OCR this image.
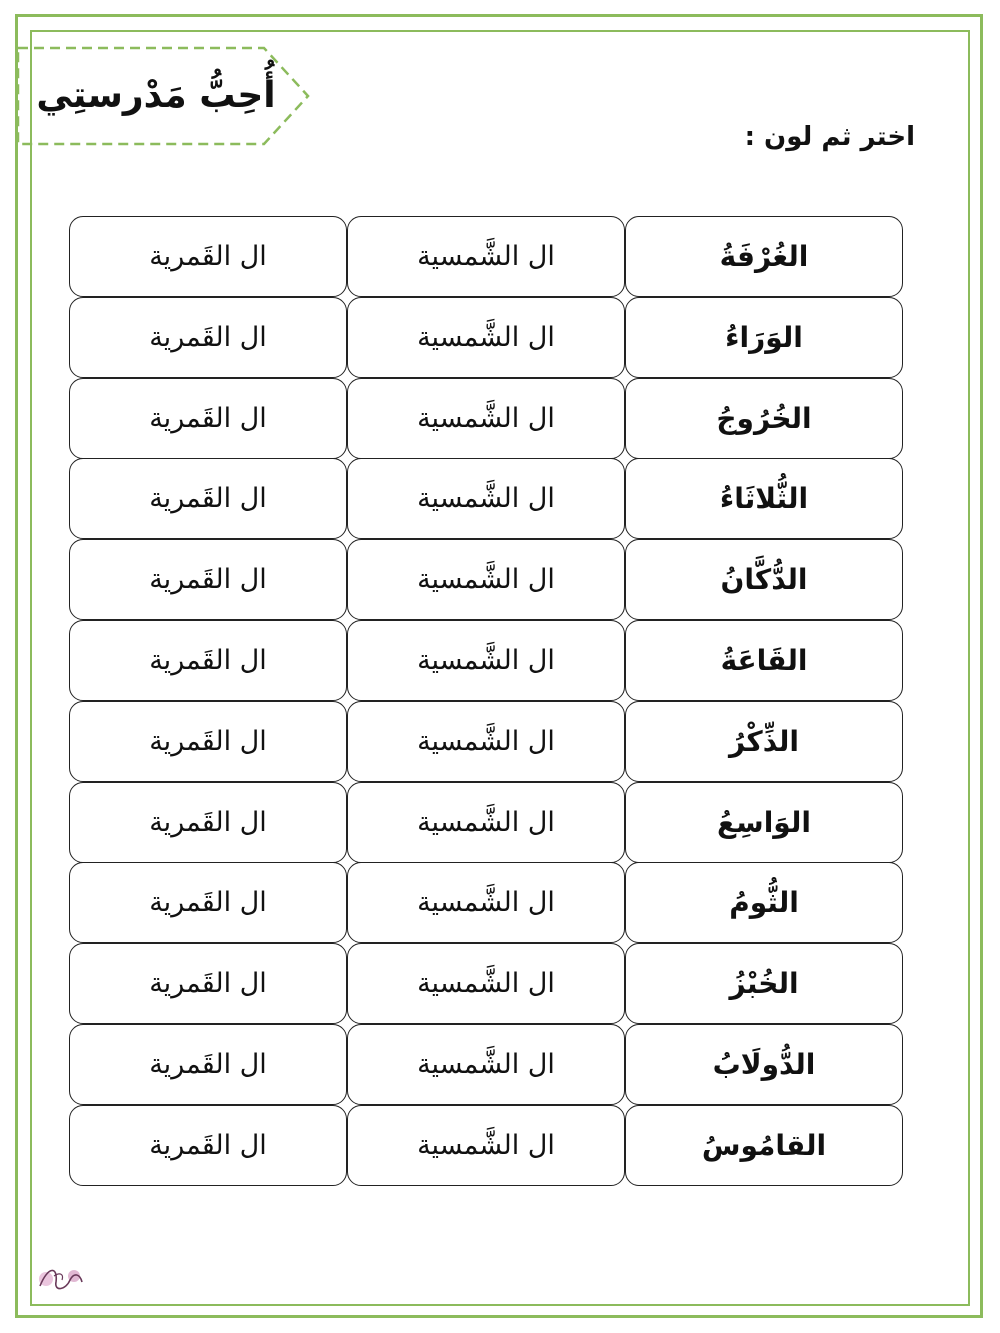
أُحِبُّ مَدْرستِي
اختر ثم لون :
الغُرْفَةُ
ال الشَّمسية
ال القَمرية
الوَرَاءُ
ال الشَّمسية
ال القَمرية
الخُرُوجُ
ال الشَّمسية
ال القَمرية
الثُّلاثَاءُ
ال الشَّمسية
ال القَمرية
الدُّكَّانُ
ال الشَّمسية
ال القَمرية
القَاعَةُ
ال الشَّمسية
ال القَمرية
الذِّكْرُ
ال الشَّمسية
ال القَمرية
الوَاسِعُ
ال الشَّمسية
ال القَمرية
الثُّومُ
ال الشَّمسية
ال القَمرية
الخُبْزُ
ال الشَّمسية
ال القَمرية
الدُّولَابُ
ال الشَّمسية
ال القَمرية
القامُوسُ
ال الشَّمسية
ال القَمرية
